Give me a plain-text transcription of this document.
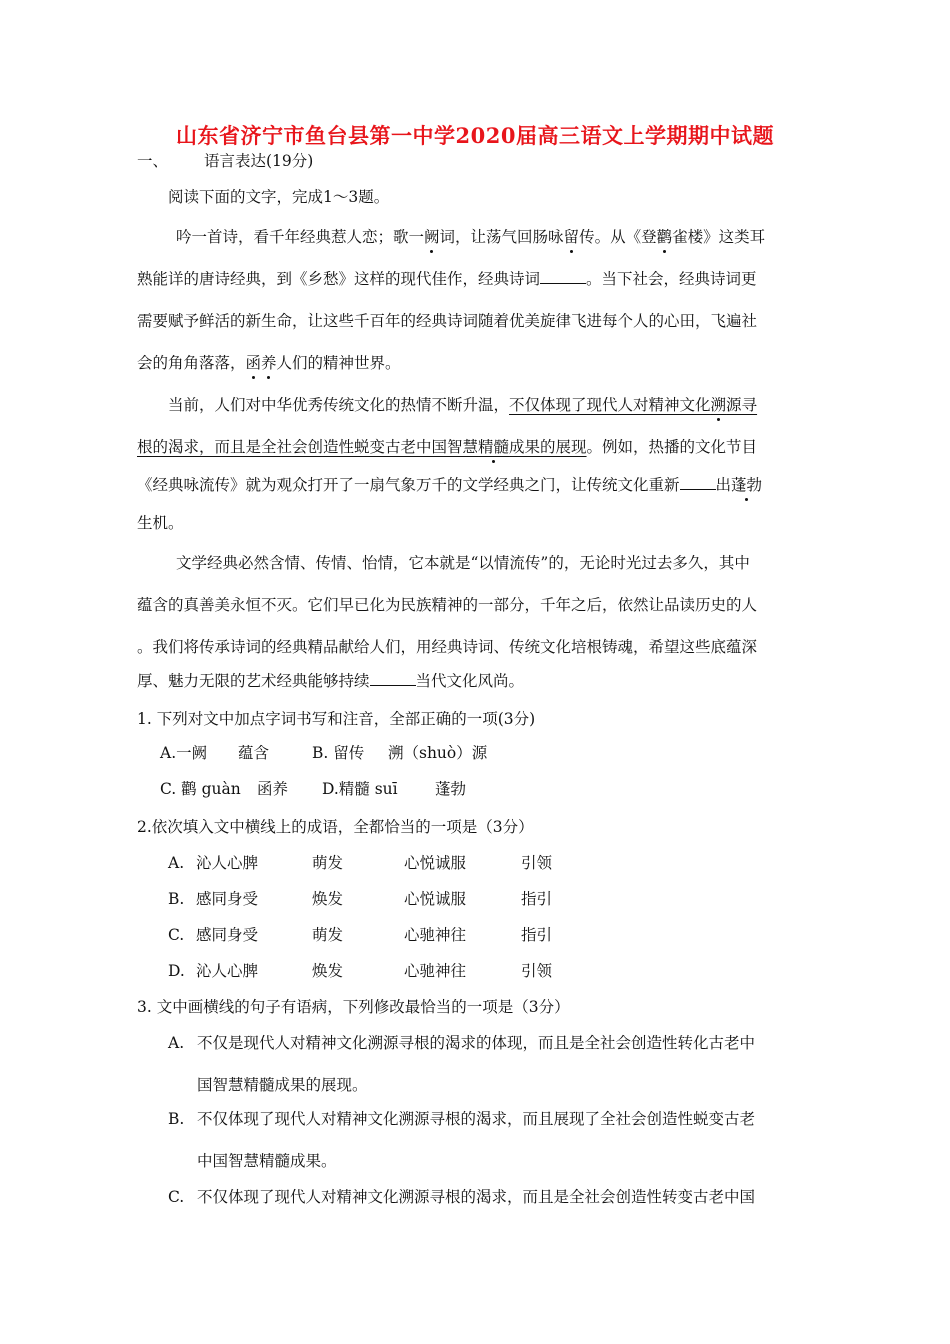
山东省济宁市鱼台县第一中学2020届高三语文上学期期中试题
一、 语言表达(19分)
阅读下面的文字，完成1～3题。
吟一首诗，看千年经典惹人恋；歌一阙词，让荡气回肠咏留传。从《登鹳雀楼》这类耳
熟能详的唐诗经典，到《乡愁》这样的现代佳作，经典诗词	。当下社会，经典诗词更
需要赋予鲜活的新生命，让这些千百年的经典诗词随着优美旋律飞进每个人的心田，飞遍社
会的角角落落，函养人们的精神世界。
当前，人们对中华优秀传统文化的热情不断升温，不仅体现了现代人对精神文化溯源寻
根的渴求，而且是全社会创造性蜕变古老中国智慧精髓成果的展现。例如，热播的文化节目
《经典咏流传》就为观众打开了一扇气象万千的文学经典之门，让传统文化重新 出蓬勃
生机。
文学经典必然含情、传情、怡情，它本就是“以情流传”的，无论时光过去多久，其中
蕴含的真善美永恒不灭。它们早已化为民族精神的一部分，千年之后，依然让品读历史的人
。我们将传承诗词的经典精品献给人们，用经典诗词、传统文化培根铸魂，希望这些底蕴深
厚、魅力无限的艺术经典能够持续	当代文化风尚。
1. 下列对文中加点字词书写和注音，全部正确的一项(3分)
A.一阙 蕴含	B. 留传 溯（shuò）源
C. 鹳 guàn 函养 D.精髓 suī 蓬勃
2.依次填入文中横线上的成语，全都恰当的一项是（3分）
A. 沁人心脾	萌发	心悦诚服	引领
B. 感同身受	焕发	心悦诚服	指引
C. 感同身受	萌发	心驰神往	指引
D. 沁人心脾	焕发	心驰神往	引领
3. 文中画横线的句子有语病，下列修改最恰当的一项是（3分）
A. 不仅是现代人对精神文化溯源寻根的渴求的体现，而且是全社会创造性转化古老中
国智慧精髓成果的展现。
B. 不仅体现了现代人对精神文化溯源寻根的渴求，而且展现了全社会创造性蜕变古老
中国智慧精髓成果。
C. 不仅体现了现代人对精神文化溯源寻根的渴求，而且是全社会创造性转变古老中国
